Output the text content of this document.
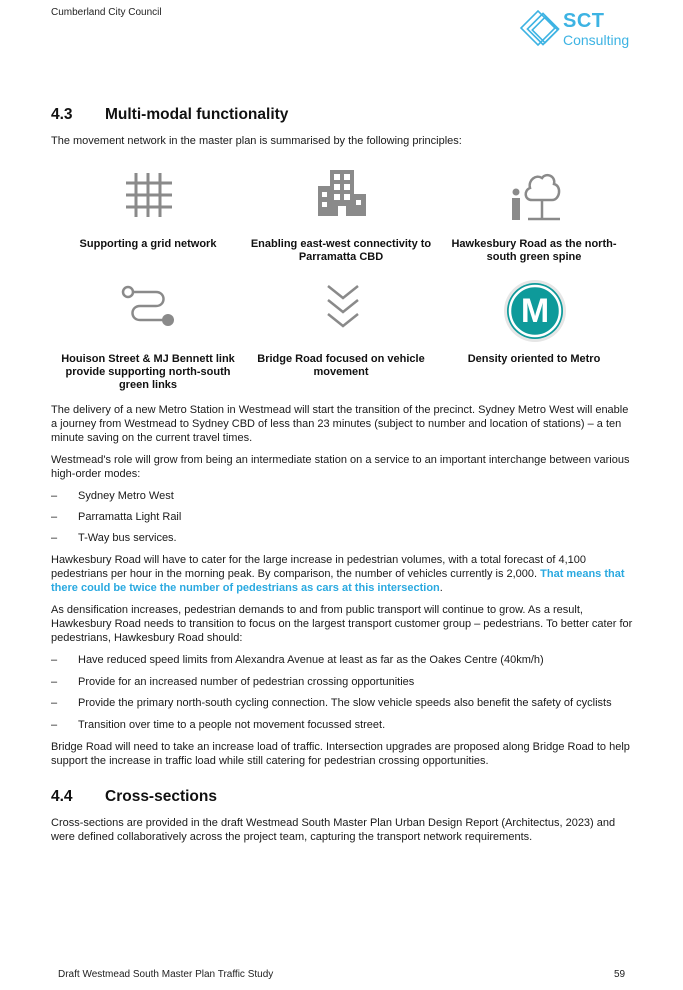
Cumberland City Council	SCT
Consulting
4.3 Multi-modal functionality
The movement network in the master plan is summarised by the following principles:
Supporting a grid network	Enabling east-west connectivity to Parramatta CBD
Hawkesbury Road as the north-south green spine
Houison Street & MJ Bennett link provide supporting north-south green links
Bridge Road focused on vehicle movement
M
Density oriented to Metro
The delivery of a new Metro Station in Westmead will start the transition of the precinct. Sydney Metro West will enable a journey from Westmead to Sydney CBD of less than 23 minutes (subject to number and location of stations) – a ten minute saving on the current travel times.
Westmead's role will grow from being an intermediate station on a service to an important interchange between various high-order modes:
– Sydney Metro West
– Parramatta Light Rail
– T-Way bus services.
Hawkesbury Road will have to cater for the large increase in pedestrian volumes, with a total forecast of 4,100 pedestrians per hour in the morning peak. By comparison, the number of vehicles currently is 2,000. That means that there could be twice the number of pedestrians as cars at this intersection.
As densification increases, pedestrian demands to and from public transport will continue to grow. As a result, Hawkesbury Road needs to transition to focus on the largest transport customer group – pedestrians. To better cater for pedestrians, Hawkesbury Road should:
– Have reduced speed limits from Alexandra Avenue at least as far as the Oakes Centre (40km/h)
– Provide for an increased number of pedestrian crossing opportunities
– Provide the primary north-south cycling connection. The slow vehicle speeds also benefit the safety of cyclists
– Transition over time to a people not movement focussed street.
Bridge Road will need to take an increase load of traffic. Intersection upgrades are proposed along Bridge Road to help support the increase in traffic load while still catering for pedestrian crossing opportunities.
4.4 Cross-sections
Cross-sections are provided in the draft Westmead South Master Plan Urban Design Report (Architectus, 2023) and were defined collaboratively across the project team, capturing the transport network requirements.
Draft Westmead South Master Plan Traffic Study	59
